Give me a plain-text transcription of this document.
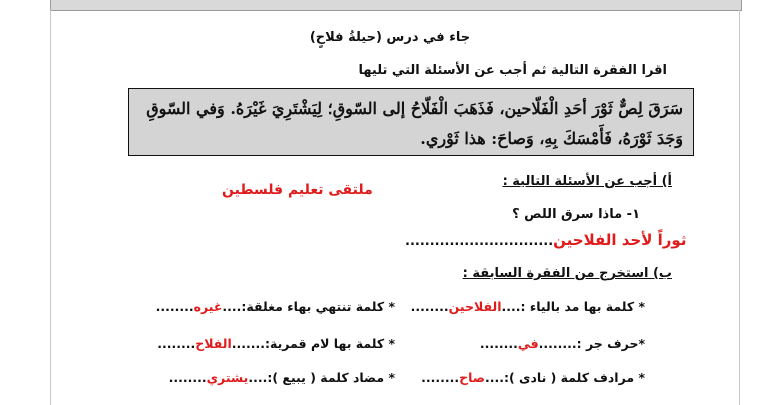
جاء في درس (حيلةُ فلاحٍ)
اقرا الفقرة التالية ثم أجب عن الأسئلة التي تليها
سَرَقَ لِصٌّ ثَوْرَ أحَدِ الْفَلّاحين، فَذَهَبَ الْفَلّاحُ إلى السّوقِ؛ لِيَشْتَرِيَ غَيْرَهُ. وَفي السّوقِ وَجَدَ ثَوْرَهُ، فَأَمْسَكَ بِهِ، وَصاحَ: هذا ثَوْري.
أ) أجب عن الأسئلة التالية :
ملتقى تعليم فلسطين
١- ماذا سرق اللص ؟
ثوراً لأحد الفلاحين..............................
ب) استخرج من الفقرة السابقة :
* كلمة بها مد بالياء :....الفلاحين........
* كلمة تنتهي بهاء مغلقة:....غيره........
*حرف جر :........في........
* كلمة بها لام قمرية:.......الفلاح........
* مرادف كلمة ( نادى ):....صاح........
* مضاد كلمة ( يبيع ):....يشتري........
